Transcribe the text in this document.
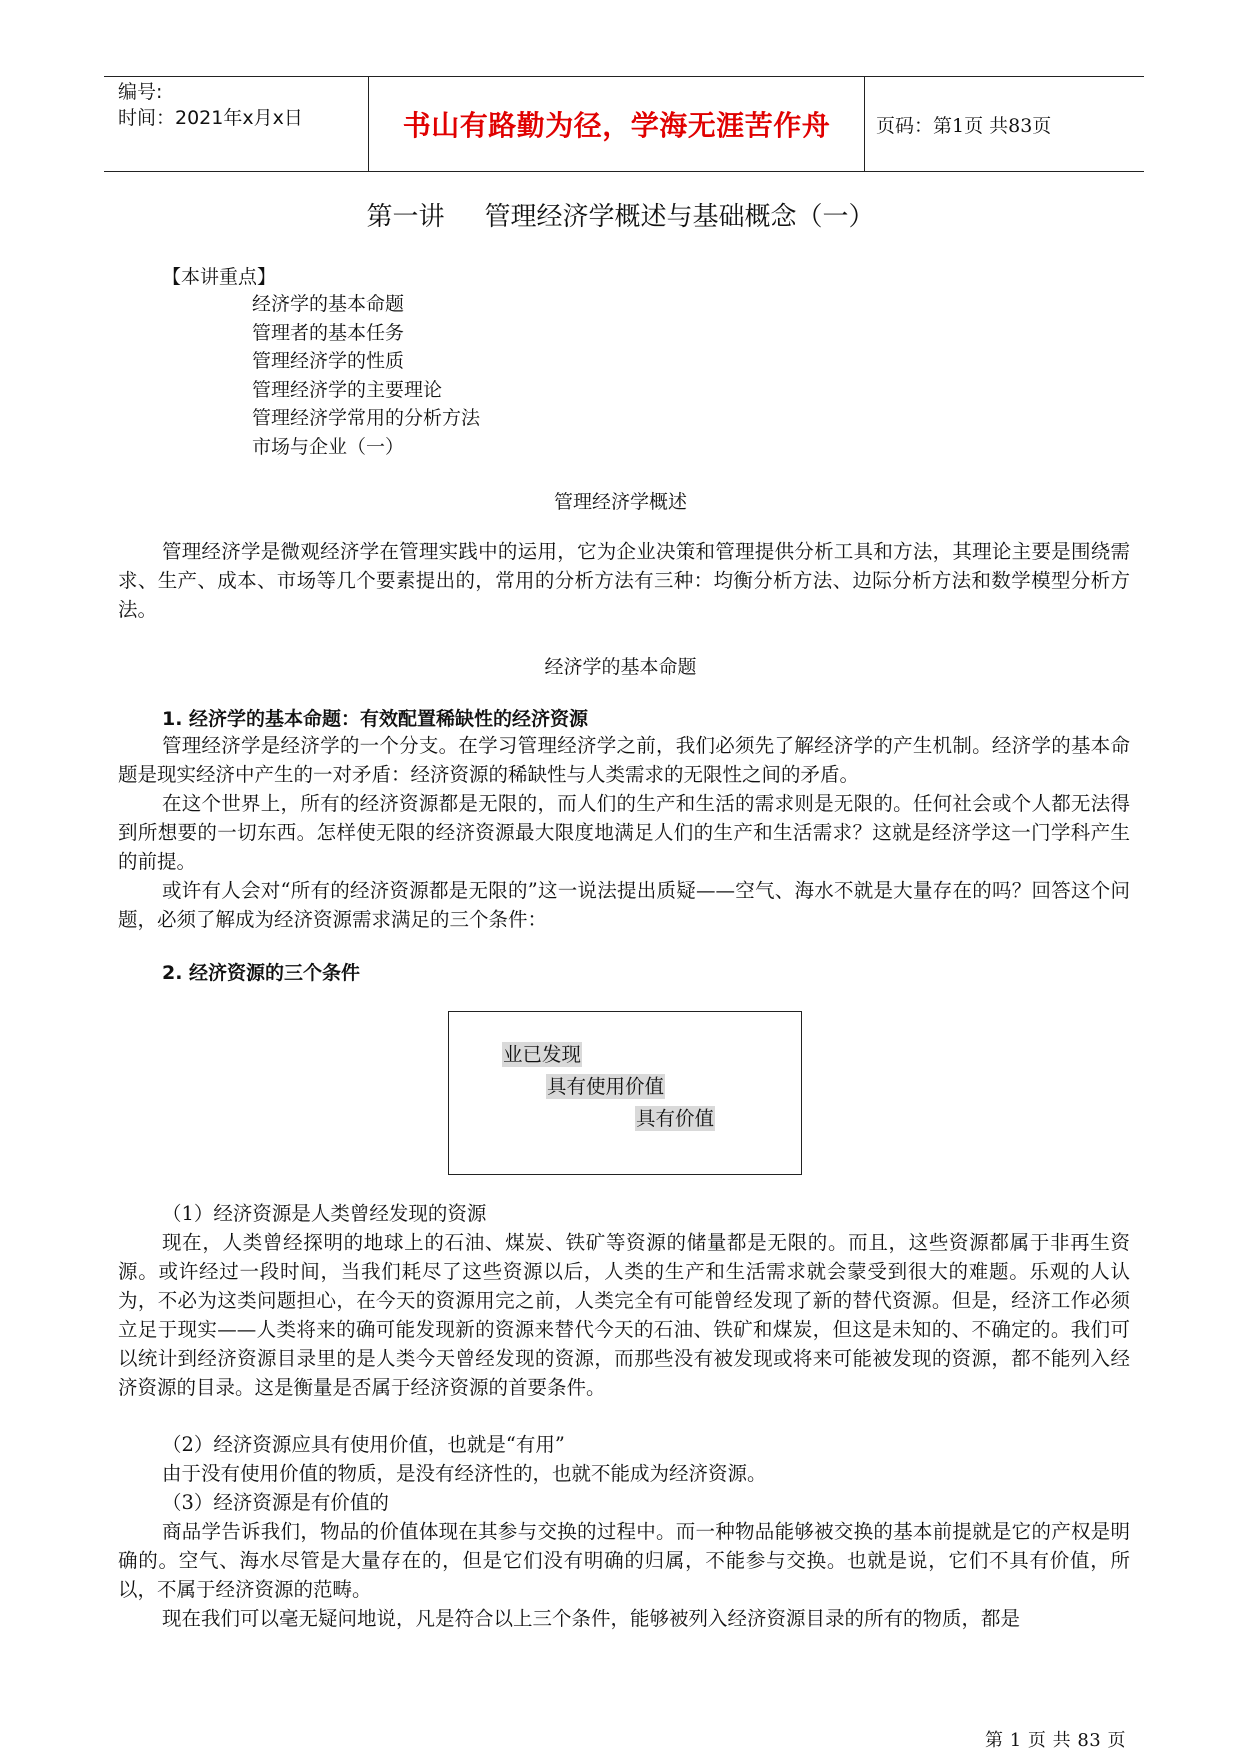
编号:
时间：2021年x月x日	书山有路勤为径，学海无涯苦作舟	页码：第1页 共83页
第一讲 管理经济学概述与基础概念（一）
【本讲重点】
经济学的基本命题
管理者的基本任务
管理经济学的性质
管理经济学的主要理论
管理经济学常用的分析方法
市场与企业（一）
管理经济学概述
管理经济学是微观经济学在管理实践中的运用，它为企业决策和管理提供分析工具和方法，其理论主要是围绕需求、生产、成本、市场等几个要素提出的，常用的分析方法有三种：均衡分析方法、边际分析方法和数学模型分析方法。
经济学的基本命题
1. 经济学的基本命题：有效配置稀缺性的经济资源
管理经济学是经济学的一个分支。在学习管理经济学之前，我们必须先了解经济学的产生机制。经济学的基本命题是现实经济中产生的一对矛盾：经济资源的稀缺性与人类需求的无限性之间的矛盾。
在这个世界上，所有的经济资源都是无限的，而人们的生产和生活的需求则是无限的。任何社会或个人都无法得到所想要的一切东西。怎样使无限的经济资源最大限度地满足人们的生产和生活需求？这就是经济学这一门学科产生的前提。
或许有人会对“所有的经济资源都是无限的”这一说法提出质疑——空气、海水不就是大量存在的吗？回答这个问题，必须了解成为经济资源需求满足的三个条件：
2. 经济资源的三个条件
业已发现
具有使用价值
具有价值
（1）经济资源是人类曾经发现的资源
现在，人类曾经探明的地球上的石油、煤炭、铁矿等资源的储量都是无限的。而且，这些资源都属于非再生资源。或许经过一段时间，当我们耗尽了这些资源以后，人类的生产和生活需求就会蒙受到很大的难题。乐观的人认为，不必为这类问题担心，在今天的资源用完之前，人类完全有可能曾经发现了新的替代资源。但是，经济工作必须立足于现实——人类将来的确可能发现新的资源来替代今天的石油、铁矿和煤炭，但这是未知的、不确定的。我们可以统计到经济资源目录里的是人类今天曾经发现的资源，而那些没有被发现或将来可能被发现的资源，都不能列入经济资源的目录。这是衡量是否属于经济资源的首要条件。
（2）经济资源应具有使用价值，也就是“有用”
由于没有使用价值的物质，是没有经济性的，也就不能成为经济资源。
（3）经济资源是有价值的
商品学告诉我们，物品的价值体现在其参与交换的过程中。而一种物品能够被交换的基本前提就是它的产权是明确的。空气、海水尽管是大量存在的，但是它们没有明确的归属，不能参与交换。也就是说，它们不具有价值，所以，不属于经济资源的范畴。
现在我们可以毫无疑问地说，凡是符合以上三个条件，能够被列入经济资源目录的所有的物质，都是
第 1 页 共 83 页
